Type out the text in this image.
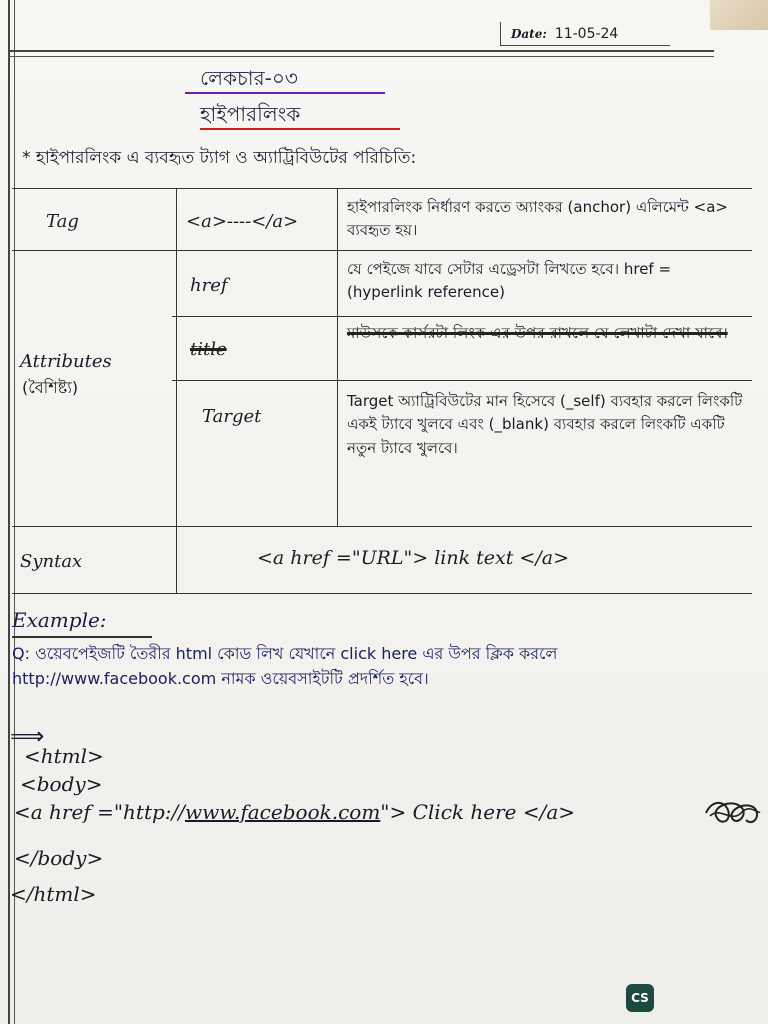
Date: 11-05-24
লেকচার-০৩
হাইপারলিংক
* হাইপারলিংক এ ব্যবহৃত ট্যাগ ও অ্যাট্রিবিউটের পরিচিতি:
Tag	<a>----</a>
হাইপারলিংক নির্ধারণ করতে অ্যাংকর (anchor) এলিমেন্ট <a> ব্যবহৃত হয়।
Attributes
(বৈশিষ্ট্য)
href
যে পেইজে যাবে সেটার এড্রেসটা লিখতে হবে। href = (hyperlink reference)
title
মাউসকে কার্সরটা লিংক এর উপর রাখলে যে লেখাটা দেখা যাবে।
Target
Target অ্যাট্রিবিউটের মান হিসেবে (_self) ব্যবহার করলে লিংকটি একই ট্যাবে খুলবে এবং (_blank) ব্যবহার করলে লিংকটি একটি নতুন ট্যাবে খুলবে।
Syntax	<a href ="URL"> link text </a>
Example:
Q: ওয়েবপেইজটি তৈরীর html কোড লিখ যেখানে click here এর উপর ক্লিক করলে http://www.facebook.com নামক ওয়েবসাইটটি প্রদর্শিত হবে।
⟹
<html>
<body>
<a href ="http://www.facebook.com"> Click here </a>
</body>
</html>
CS
